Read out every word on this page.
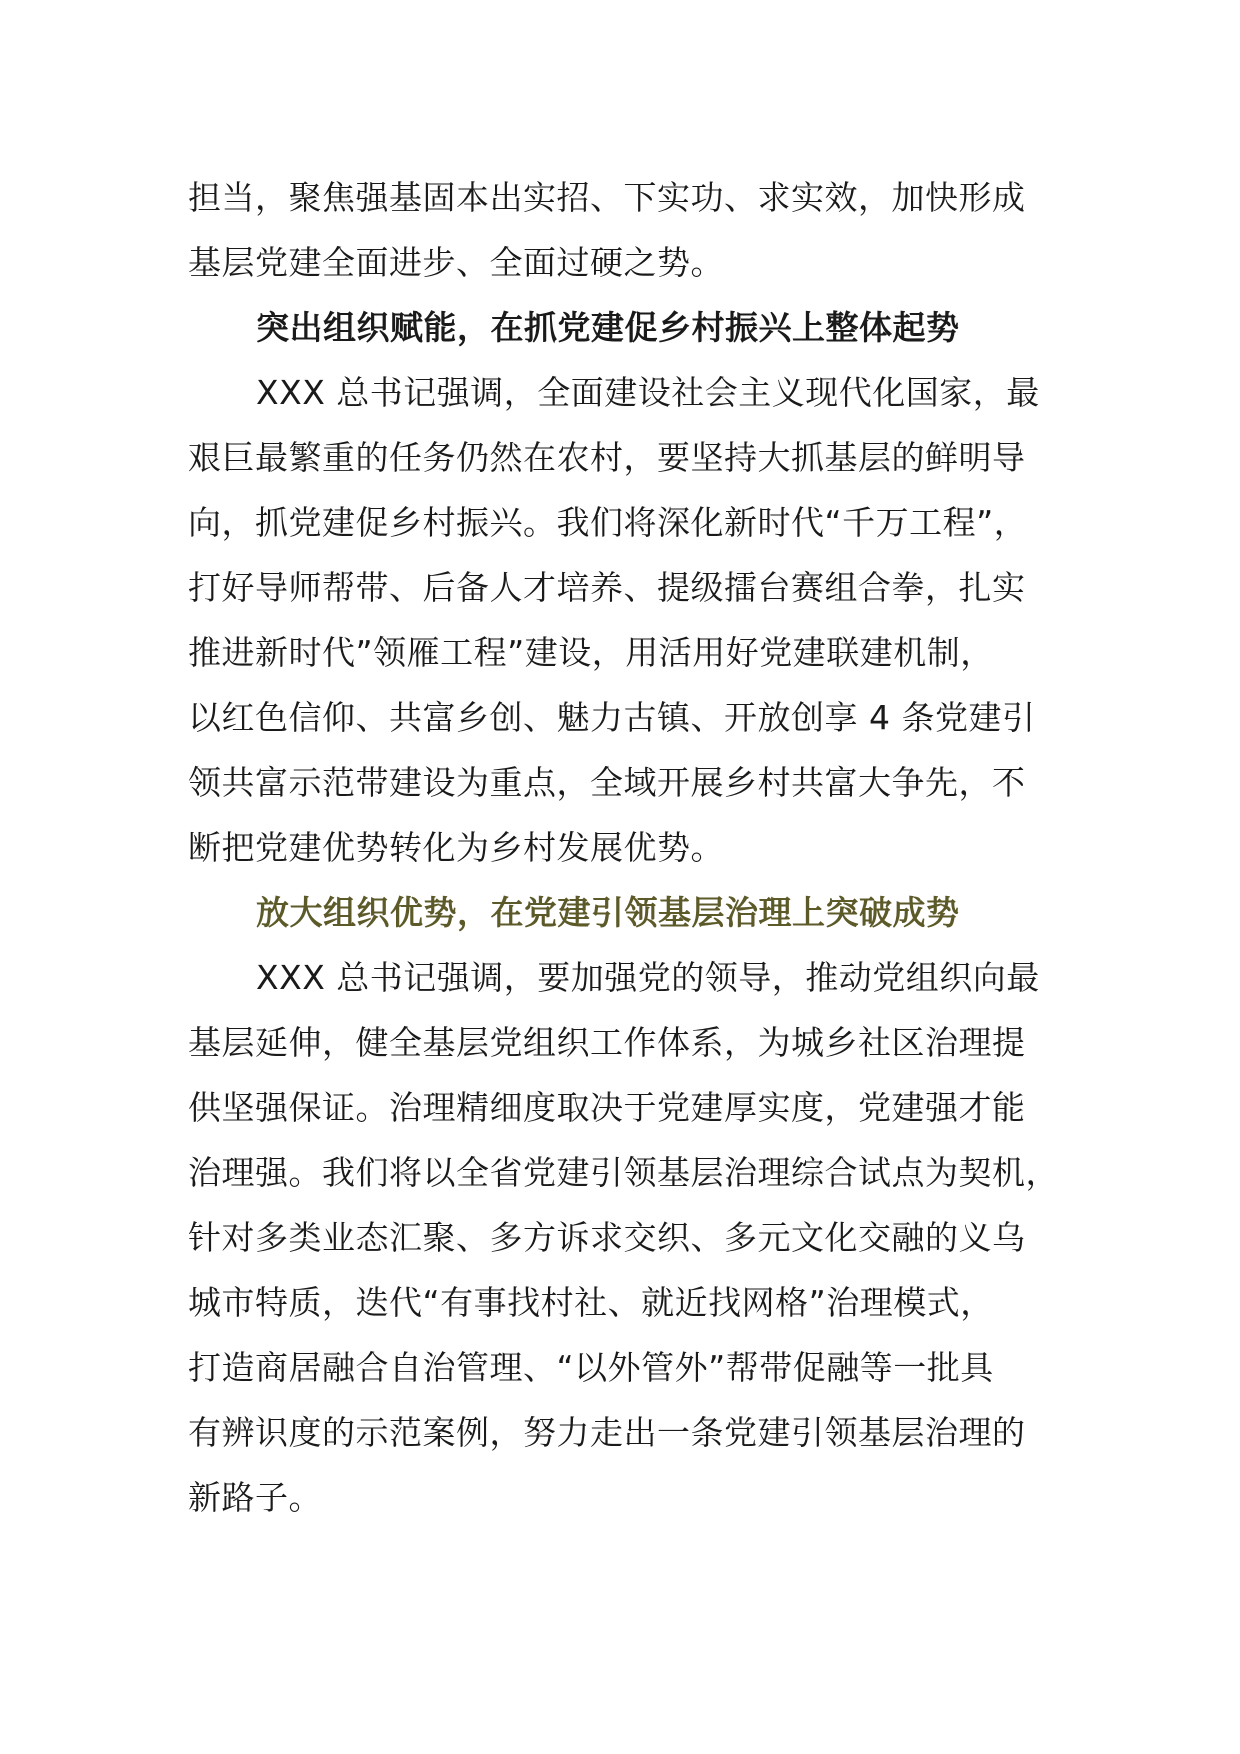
担当，聚焦强基固本出实招、下实功、求实效，加快形成
基层党建全面进步、全面过硬之势。
突出组织赋能，在抓党建促乡村振兴上整体起势
XXX 总书记强调，全面建设社会主义现代化国家，最
艰巨最繁重的任务仍然在农村，要坚持大抓基层的鲜明导
向，抓党建促乡村振兴。我们将深化新时代“千万工程”，
打好导师帮带、后备人才培养、提级擂台赛组合拳，扎实
推进新时代”领雁工程”建设，用活用好党建联建机制，
以红色信仰、共富乡创、魅力古镇、开放创享 4 条党建引
领共富示范带建设为重点，全域开展乡村共富大争先，不
断把党建优势转化为乡村发展优势。
放大组织优势，在党建引领基层治理上突破成势
XXX 总书记强调，要加强党的领导，推动党组织向最
基层延伸，健全基层党组织工作体系，为城乡社区治理提
供坚强保证。治理精细度取决于党建厚实度，党建强才能
治理强。我们将以全省党建引领基层治理综合试点为契机，
针对多类业态汇聚、多方诉求交织、多元文化交融的义乌
城市特质，迭代“有事找村社、就近找网格”治理模式，
打造商居融合自治管理、“以外管外”帮带促融等一批具
有辨识度的示范案例，努力走出一条党建引领基层治理的
新路子。
